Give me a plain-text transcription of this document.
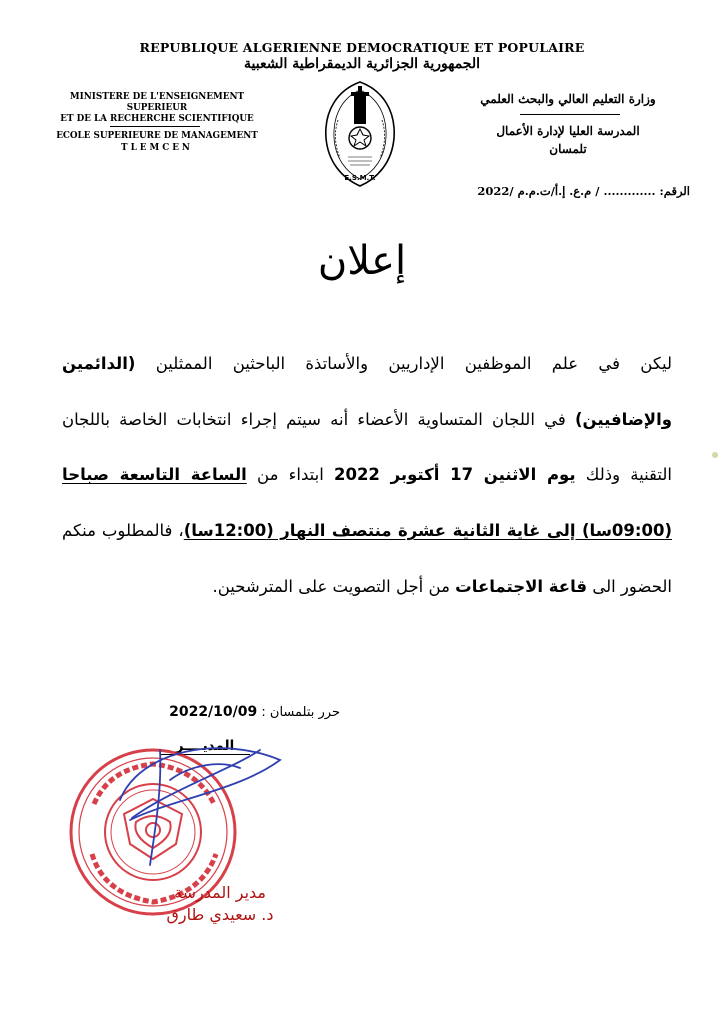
REPUBLIQUE ALGERIENNE DEMOCRATIQUE ET POPULAIRE
الجمهورية الجزائرية الديمقراطية الشعبية
MINISTERE DE L'ENSEIGNEMENT SUPERIEUR
ET DE LA RECHERCHE SCIENTIFIQUE
ECOLE SUPERIEURE DE MANAGEMENT
TLEMCEN
وزارة التعليم العالي والبحث العلمي
المدرسة العليا لإدارة الأعمال
تلمسان
E.S.M.T.
الرقم: ............. / م.ع. إ.أ/ت.م.م /2022
إعلان
ليكن في علم الموظفين الإداريين والأساتذة الباحثين الممثلين (الدائمين
والإضافيين) في اللجان المتساوية الأعضاء أنه سيتم إجراء انتخابات الخاصة باللجان
التقنية وذلك يوم الاثنين 17 أكتوبر 2022 ابتداء من الساعة التاسعة صباحا
(09:00سا) إلى غاية الثانية عشرة منتصف النهار (12:00سا)، فالمطلوب منكم
الحضور الى قاعة الاجتماعات من أجل التصويت على المترشحين.
حرر بتلمسان : 2022/10/09
المديــــر
مدير المدرسة
د. سعيدي طارق
